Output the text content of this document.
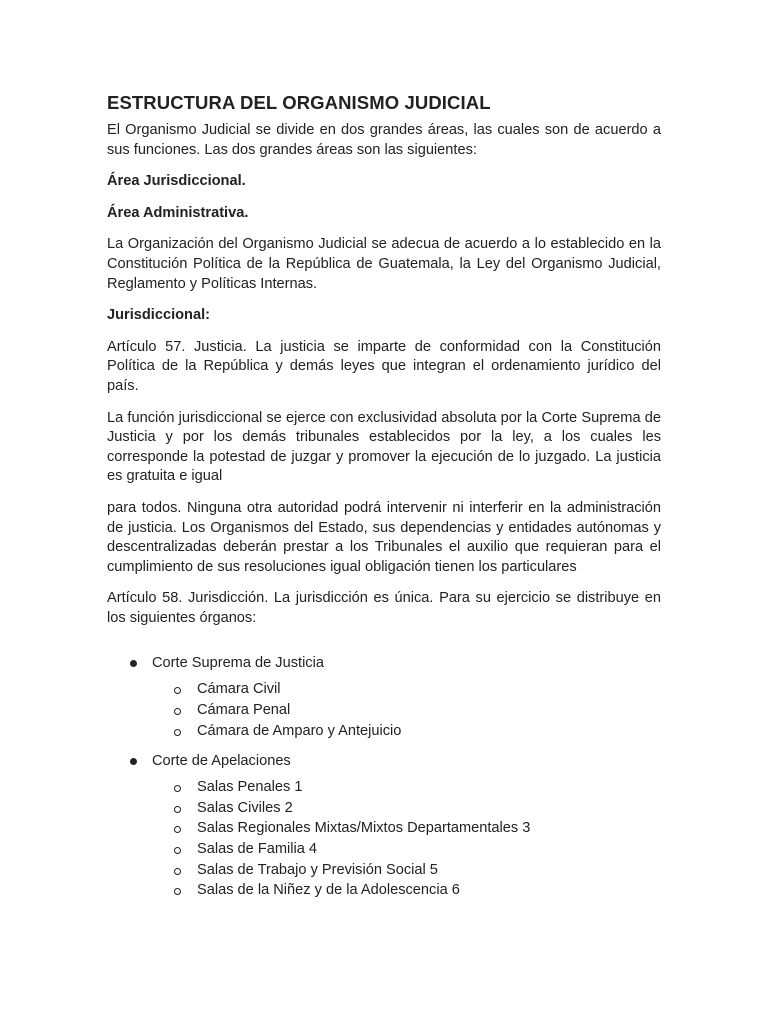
ESTRUCTURA DEL ORGANISMO JUDICIAL

El Organismo Judicial se divide en dos grandes áreas, las cuales son de acuerdo a sus funciones. Las dos grandes áreas son las siguientes:

Área Jurisdiccional.

Área Administrativa.

La Organización del Organismo Judicial se adecua de acuerdo a lo establecido en la Constitución Política de la República de Guatemala, la Ley del Organismo Judicial, Reglamento y Políticas Internas.

Jurisdiccional:

Artículo 57. Justicia. La justicia se imparte de conformidad con la Constitución Política de la República y demás leyes que integran el ordenamiento jurídico del país.

La función jurisdiccional se ejerce con exclusividad absoluta por la Corte Suprema de Justicia y por los demás tribunales establecidos por la ley, a los cuales les corresponde la potestad de juzgar y promover la ejecución de lo juzgado. La justicia es gratuita e igual

para todos. Ninguna otra autoridad podrá intervenir ni interferir en la administración de justicia. Los Organismos del Estado, sus dependencias y entidades autónomas y descentralizadas deberán prestar a los Tribunales el auxilio que requieran para el cumplimiento de sus resoluciones igual obligación tienen los particulares

Artículo 58. Jurisdicción. La jurisdicción es única. Para su ejercicio se distribuye en los siguientes órganos:

Corte Suprema de Justicia
Cámara Civil
Cámara Penal
Cámara de Amparo y Antejuicio
Corte de Apelaciones
Salas Penales 1
Salas Civiles 2
Salas Regionales Mixtas/Mixtos Departamentales 3
Salas de Familia 4
Salas de Trabajo y Previsión Social 5
Salas de la Niñez y de la Adolescencia 6
